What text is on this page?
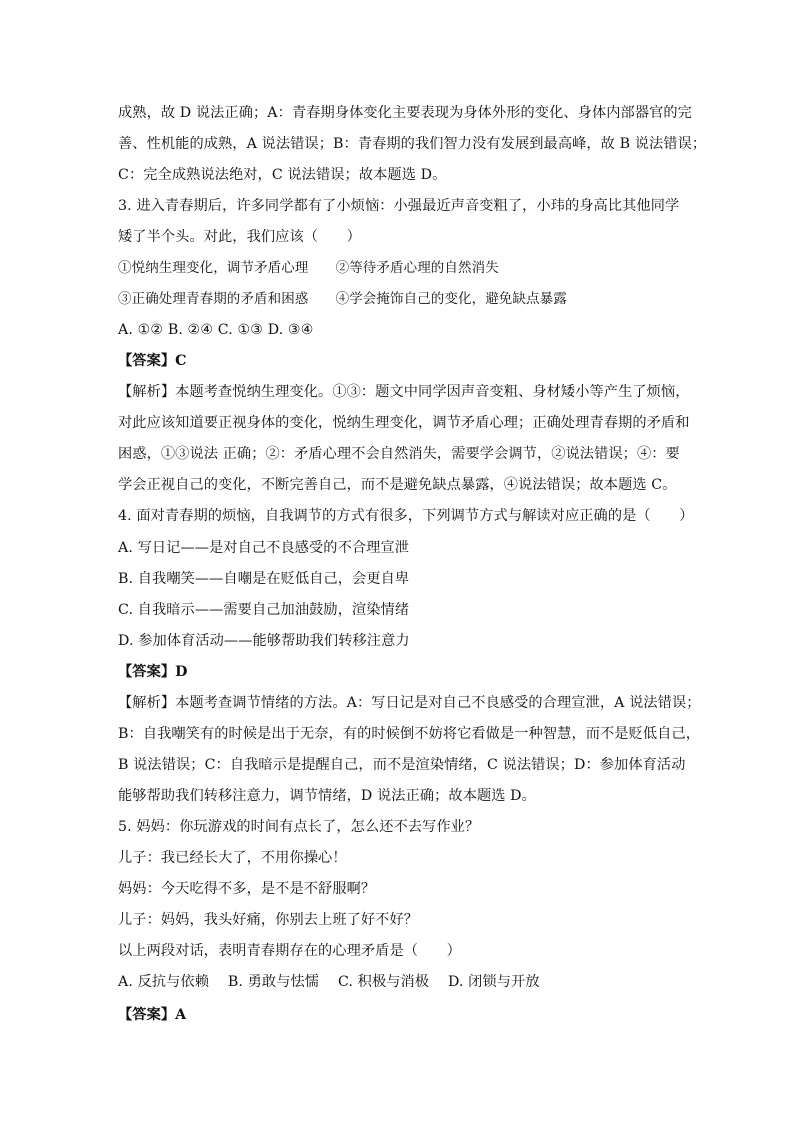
成熟，故 D 说法正确；A：青春期身体变化主要表现为身体外形的变化、身体内部器官的完
善、性机能的成熟，A 说法错误；B：青春期的我们智力没有发展到最高峰，故 B 说法错误；
C：完全成熟说法绝对，C 说法错误；故本题选 D。
3. 进入青春期后，许多同学都有了小烦恼：小强最近声音变粗了，小玮的身高比其他同学
矮了半个头。对此，我们应该（　　）
①悦纳生理变化，调节矛盾心理　　②等待矛盾心理的自然消失
③正确处理青春期的矛盾和困惑　　④学会掩饰自己的变化，避免缺点暴露
A. ①② B. ②④ C. ①③ D. ③④
【答案】C
【解析】本题考查悦纳生理变化。①③：题文中同学因声音变粗、身材矮小等产生了烦恼，
对此应该知道要正视身体的变化，悦纳生理变化，调节矛盾心理；正确处理青春期的矛盾和
困惑，①③说法 正确；②：矛盾心理不会自然消失，需要学会调节，②说法错误；④：要
学会正视自己的变化，不断完善自己，而不是避免缺点暴露，④说法错误；故本题选 C。
4. 面对青春期的烦恼，自我调节的方式有很多，下列调节方式与解读对应正确的是（　　）
A. 写日记——是对自己不良感受的不合理宣泄
B. 自我嘲笑——自嘲是在贬低自己，会更自卑
C. 自我暗示——需要自己加油鼓励，渲染情绪
D. 参加体育活动——能够帮助我们转移注意力
【答案】D
【解析】本题考查调节情绪的方法。A：写日记是对自己不良感受的合理宣泄，A 说法错误；
B：自我嘲笑有的时候是出于无奈，有的时候倒不妨将它看做是一种智慧，而不是贬低自己，
B 说法错误；C：自我暗示是提醒自己，而不是渲染情绪，C 说法错误；D：参加体育活动
能够帮助我们转移注意力，调节情绪，D 说法正确；故本题选 D。
5. 妈妈：你玩游戏的时间有点长了，怎么还不去写作业？
儿子：我已经长大了，不用你操心！
妈妈：今天吃得不多，是不是不舒服啊？
儿子：妈妈，我头好痛，你别去上班了好不好？
以上两段对话，表明青春期存在的心理矛盾是（　　）
A. 反抗与依赖　 B. 勇敢与怯懦　 C. 积极与消极　 D. 闭锁与开放
【答案】A
